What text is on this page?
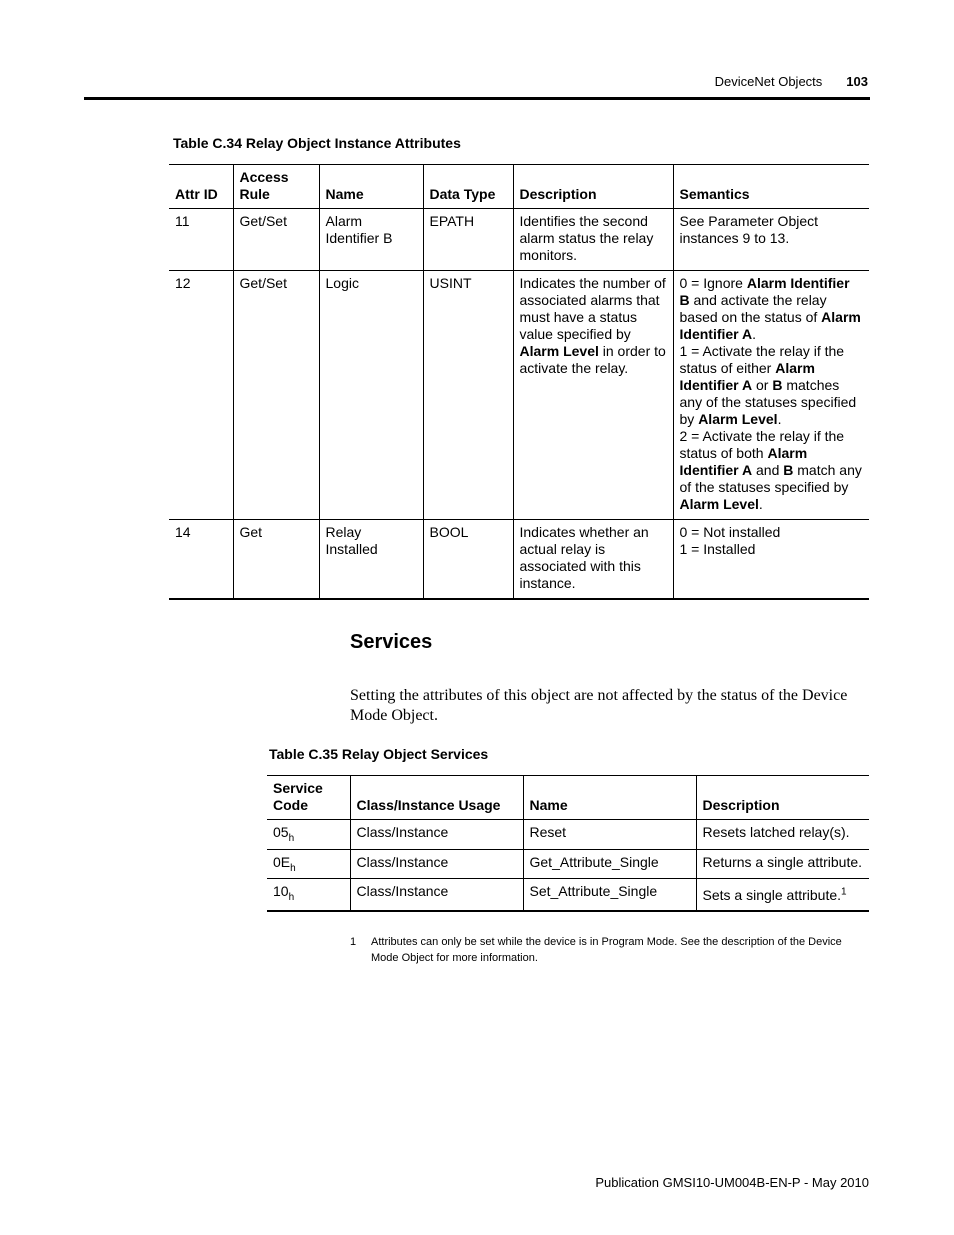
DeviceNet Objects 103
Table C.34 Relay Object Instance Attributes
Attr ID	Access Rule	Name	Data Type	Description	Semantics
11	Get/Set	Alarm Identifier B	EPATH	Identifies the second alarm status the relay monitors.	See Parameter Object instances 9 to 13.
12	Get/Set	Logic	USINT	Indicates the number of associated alarms that must have a status value specified by Alarm Level in order to activate the relay.	0 = Ignore Alarm Identifier B and activate the relay based on the status of Alarm Identifier A.
1 = Activate the relay if the status of either Alarm Identifier A or B matches any of the statuses specified by Alarm Level.
2 = Activate the relay if the status of both Alarm Identifier A and B match any of the statuses specified by Alarm Level.

14	Get	Relay Installed	BOOL	Indicates whether an actual relay is associated with this instance.	0 = Not installed
1 = Installed
Services
Setting the attributes of this object are not affected by the status of the Device Mode Object.
Table C.35 Relay Object Services
Service Code	Class/Instance Usage	Name	Description
$05_h$	Class/Instance	Reset	Resets latched relay(s).
$0E_h$	Class/Instance	Get_Attribute_Single	Returns a single attribute.
$10_h$	Class/Instance	Set_Attribute_Single	Sets a single attribute.$^1$
1	Attributes can only be set while the device is in Program Mode. See the description of the Device Mode Object for more information.
Publication GMSI10-UM004B-EN-P - May 2010
